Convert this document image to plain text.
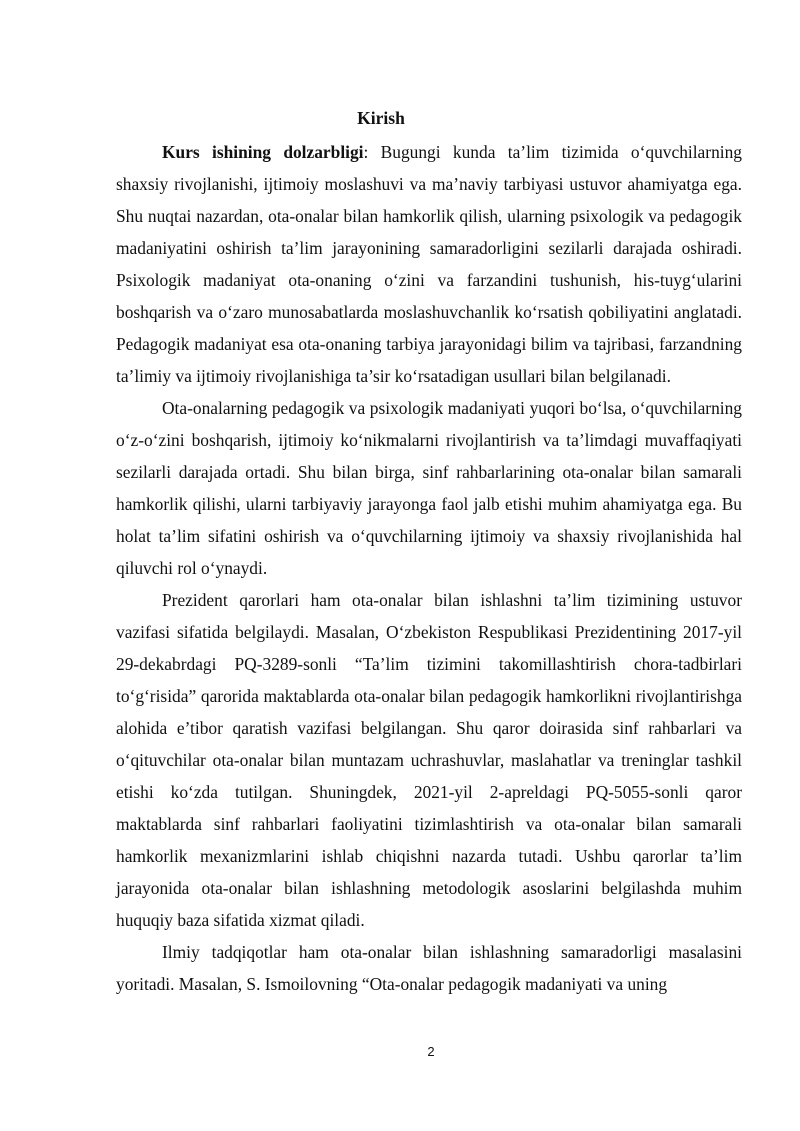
Kirish

Kurs ishining dolzarbligi: Bugungi kunda ta’lim tizimida o‘quvchilarning shaxsiy rivojlanishi, ijtimoiy moslashuvi va ma’naviy tarbiyasi ustuvor ahamiyatga ega. Shu nuqtai nazardan, ota-onalar bilan hamkorlik qilish, ularning psixologik va pedagogik madaniyatini oshirish ta’lim jarayonining samaradorligini sezilarli darajada oshiradi. Psixologik madaniyat ota-onaning o‘zini va farzandini tushunish, his-tuyg‘ularini boshqarish va o‘zaro munosabatlarda moslashuvchanlik ko‘rsatish qobiliyatini anglatadi. Pedagogik madaniyat esa ota-onaning tarbiya jarayonidagi bilim va tajribasi, farzandning ta’limiy va ijtimoiy rivojlanishiga ta’sir ko‘rsatadigan usullari bilan belgilanadi.

Ota-onalarning pedagogik va psixologik madaniyati yuqori bo‘lsa, o‘quvchilarning o‘z-o‘zini boshqarish, ijtimoiy ko‘nikmalarni rivojlantirish va ta’limdagi muvaffaqiyati sezilarli darajada ortadi. Shu bilan birga, sinf rahbarlarining ota-onalar bilan samarali hamkorlik qilishi, ularni tarbiyaviy jarayonga faol jalb etishi muhim ahamiyatga ega. Bu holat ta’lim sifatini oshirish va o‘quvchilarning ijtimoiy va shaxsiy rivojlanishida hal qiluvchi rol o‘ynaydi.

Prezident qarorlari ham ota-onalar bilan ishlashni ta’lim tizimining ustuvor vazifasi sifatida belgilaydi. Masalan, O‘zbekiston Respublikasi Prezidentining 2017-yil 29-dekabrdagi PQ-3289-sonli “Ta’lim tizimini takomillashtirish chora-tadbirlari to‘g‘risida” qarorida maktablarda ota-onalar bilan pedagogik hamkorlikni rivojlantirishga alohida e’tibor qaratish vazifasi belgilangan. Shu qaror doirasida sinf rahbarlari va o‘qituvchilar ota-onalar bilan muntazam uchrashuvlar, maslahatlar va treninglar tashkil etishi ko‘zda tutilgan. Shuningdek, 2021-yil 2-apreldagi PQ-5055-sonli qaror maktablarda sinf rahbarlari faoliyatini tizimlashtirish va ota-onalar bilan samarali hamkorlik mexanizmlarini ishlab chiqishni nazarda tutadi. Ushbu qarorlar ta’lim jarayonida ota-onalar bilan ishlashning metodologik asoslarini belgilashda muhim huquqiy baza sifatida xizmat qiladi.

Ilmiy tadqiqotlar ham ota-onalar bilan ishlashning samaradorligi masalasini yoritadi. Masalan, S. Ismoilovning “Ota-onalar pedagogik madaniyati va uning

2
